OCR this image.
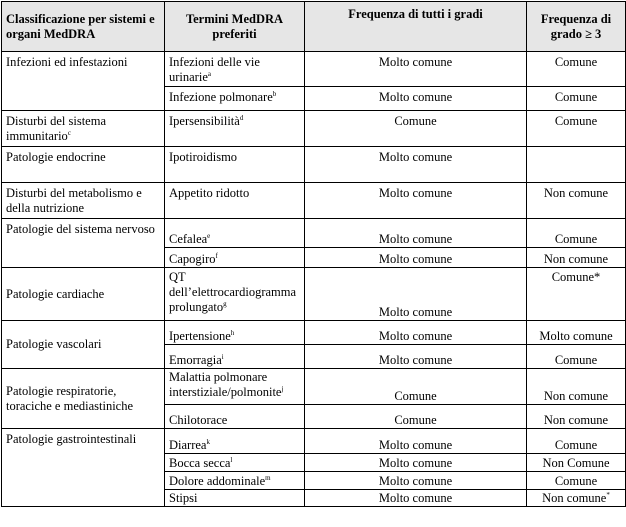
Classificazione per sistemi e organi MedDRA	Termini MedDRA preferiti	Frequenza di tutti i gradi	Frequenza di grado ≥ 3
Infezioni ed infestazioni	Infezioni delle vie urinarie$^a$	Molto comune	Comune
	Infezione polmonare$^b$	Molto comune	Comune
Disturbi del sistema immunitario$^c$	Ipersensibilità$^d$	Comune	Comune
Patologie endocrine	Ipotiroidismo	Molto comune	
Disturbi del metabolismo e della nutrizione	Appetito ridotto	Molto comune	Non comune
Patologie del sistema nervoso	Cefalea$^e$	Molto comune	Comune
	Capogiro$^f$	Molto comune	Non comune
Patologie cardiache	QT dell’elettrocardiogramma prolungato$^g$	Molto comune	Comune*
Patologie vascolari	Ipertensione$^h$	Molto comune	Molto comune
	Emorragia$^i$	Molto comune	Comune
Patologie respiratorie, toraciche e mediastiniche	Malattia polmonare interstiziale/polmonite$^j$	Comune	Non comune
	Chilotorace	Comune	Non comune
Patologie gastrointestinali	Diarrea$^k$	Molto comune	Comune
	Bocca secca$^l$	Molto comune	Non Comune
	Dolore addominale$^m$	Molto comune	Comune
	Stipsi	Molto comune	Non comune*
